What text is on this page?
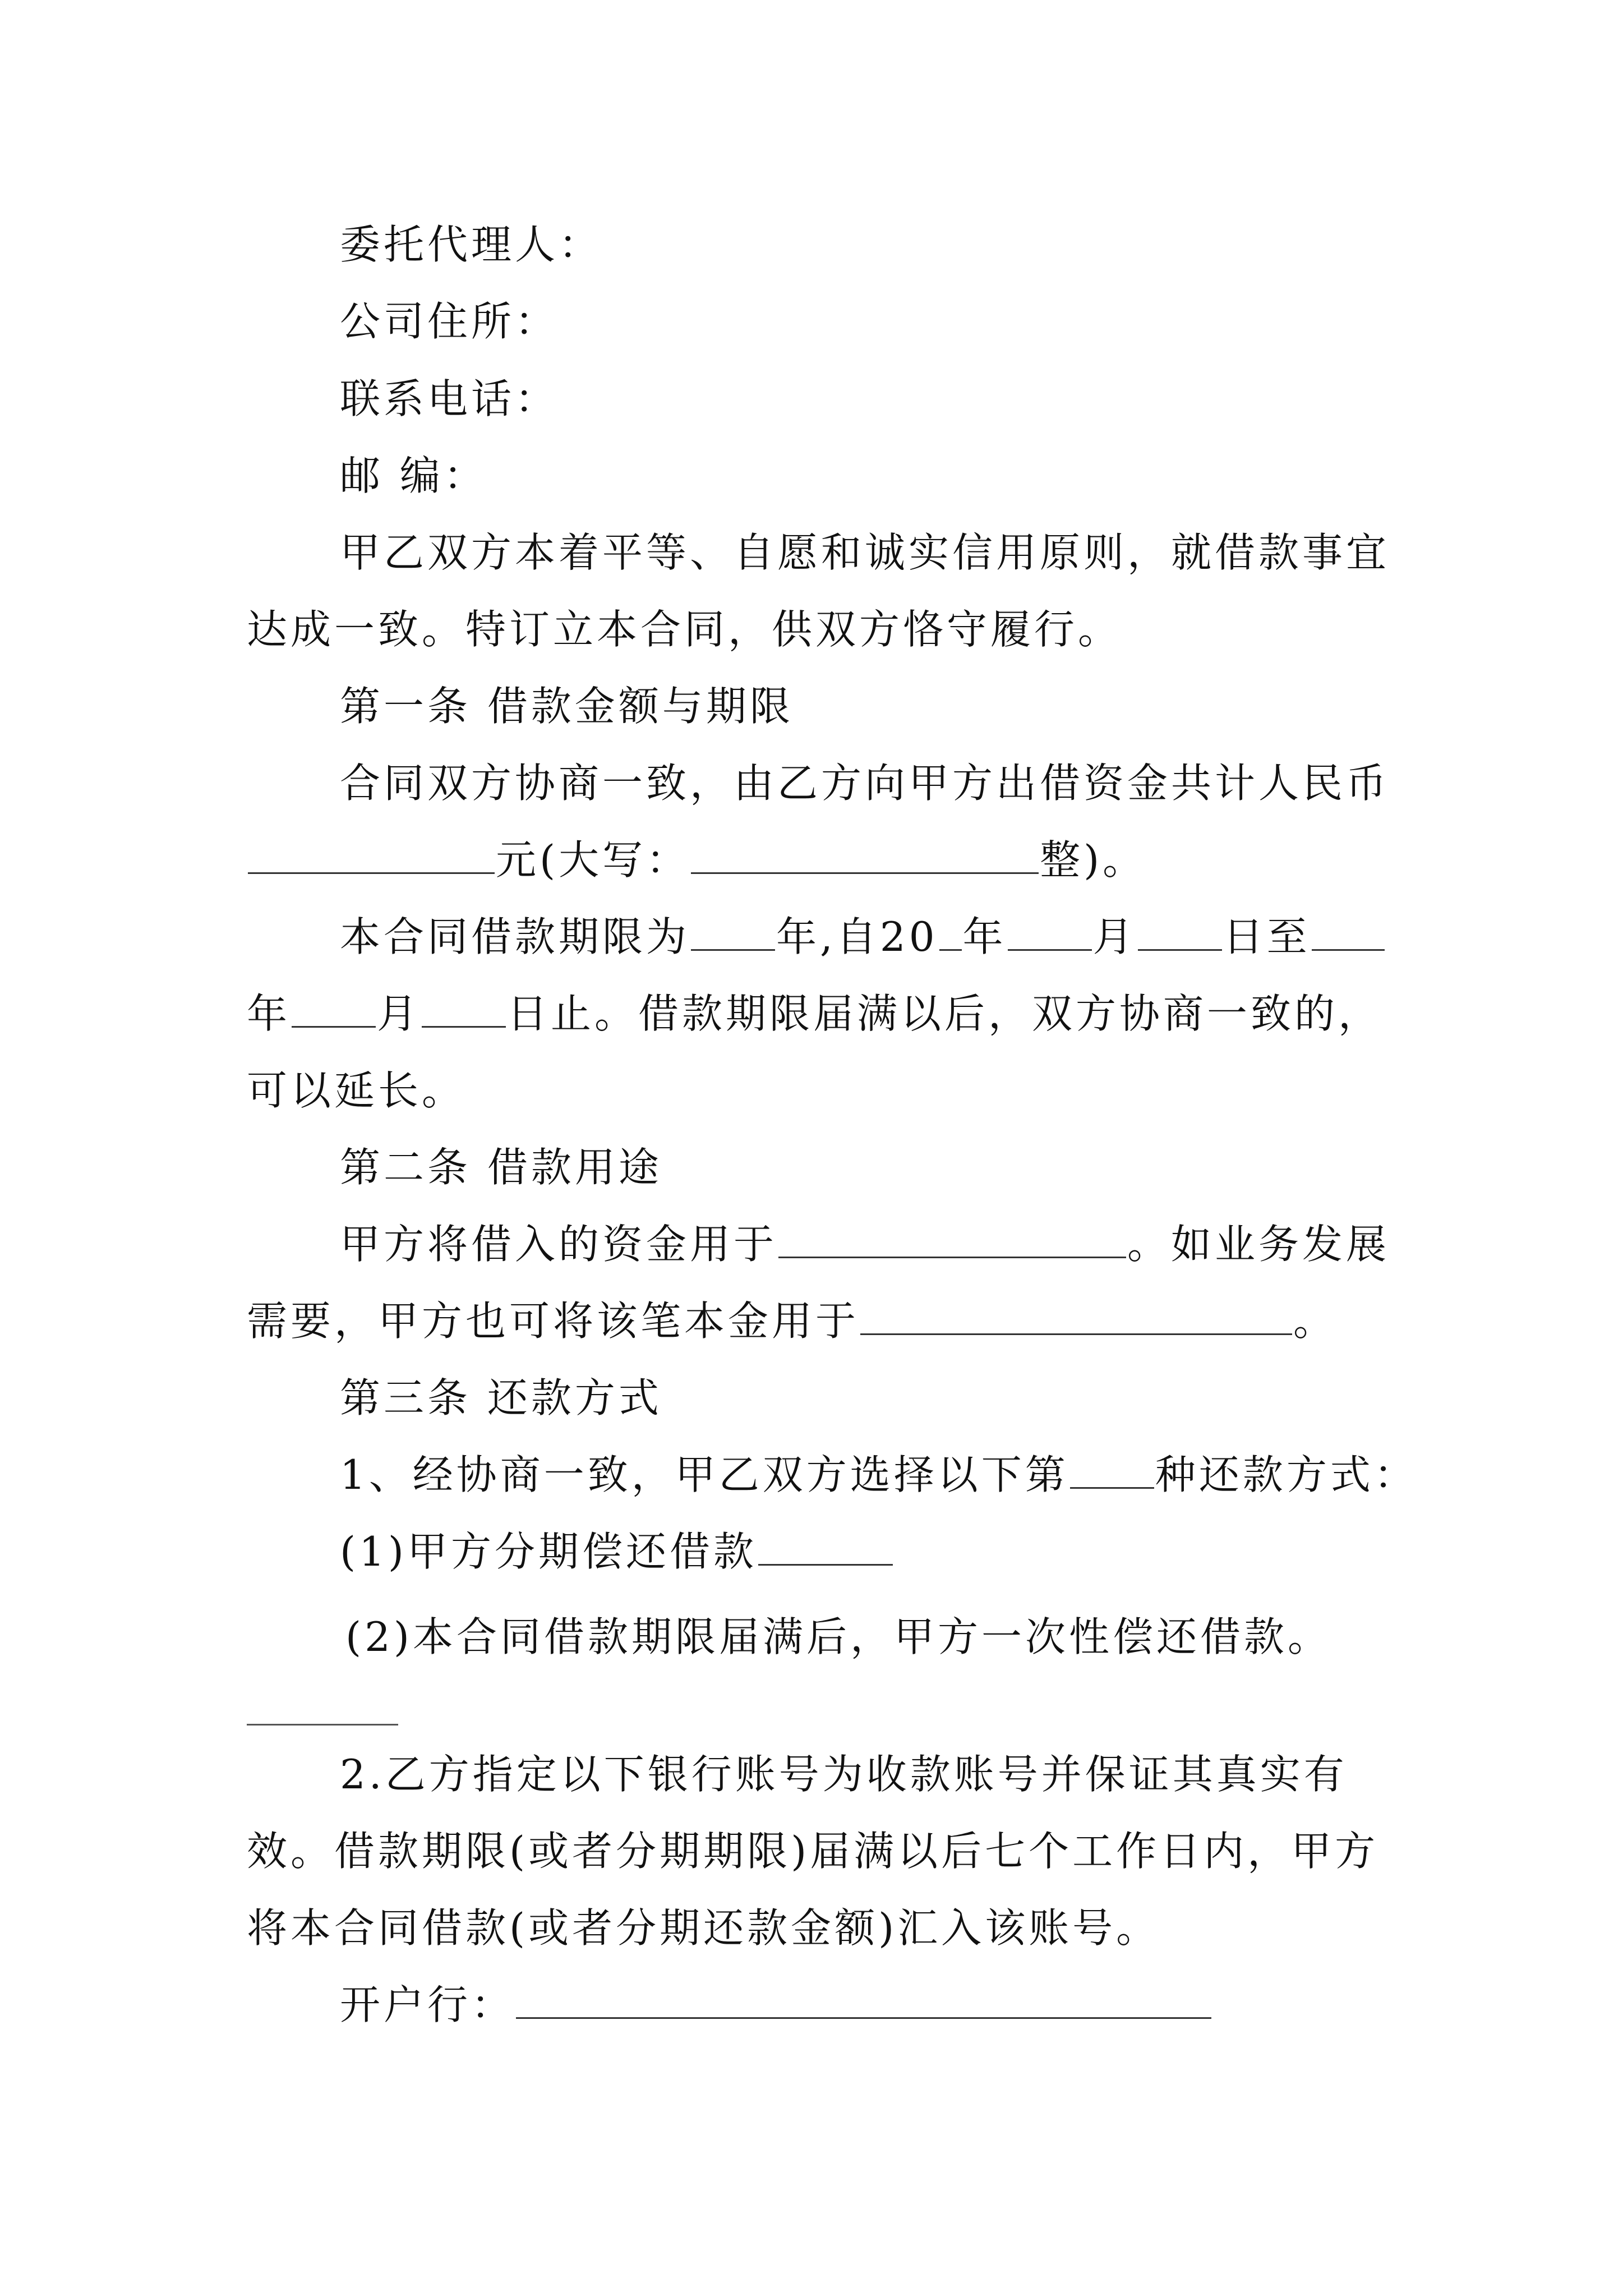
委托代理人：
公司住所：
联系电话：
邮 编：
甲乙双方本着平等、自愿和诚实信用原则，就借款事宜
达成一致。特订立本合同，供双方恪守履行。
第一条 借款金额与期限
合同双方协商一致，由乙方向甲方出借资金共计人民币
元(大写：	整)。
本合同借款期限为 年,自20 年 月 日至
年 月 日止。借款期限届满以后，双方协商一致的，
可以延长。
第二条 借款用途
甲方将借入的资金用于	。如业务发展
需要，甲方也可将该笔本金用于	。
第三条 还款方式
1、经协商一致，甲乙双方选择以下第 种还款方式：
(1)甲方分期偿还借款
(2)本合同借款期限届满后，甲方一次性偿还借款。
2.乙方指定以下银行账号为收款账号并保证其真实有
效。借款期限(或者分期期限)届满以后七个工作日内，甲方
将本合同借款(或者分期还款金额)汇入该账号。
开户行：
